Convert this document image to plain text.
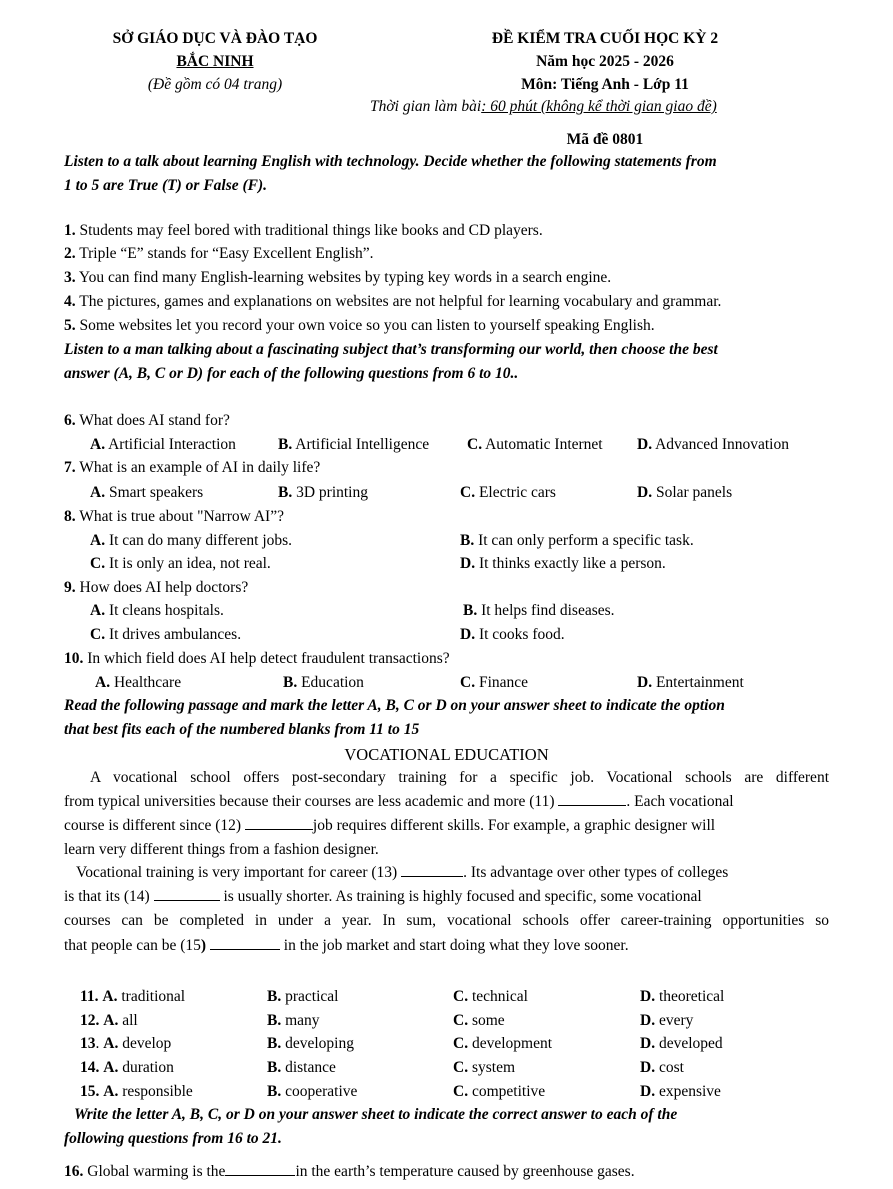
SỞ GIÁO DỤC VÀ ĐÀO TẠO
BẮC NINH
(Đề gồm có 04 trang)
ĐỀ KIỂM TRA CUỐI HỌC KỲ 2
Năm học 2025 - 2026
Môn: Tiếng Anh - Lớp 11
Thời gian làm bài: 60 phút (không kể thời gian giao đề)
Mã đề 0801
Listen to a talk about learning English with technology. Decide whether the following statements from
1 to 5 are True (T) or False (F).
1. Students may feel bored with traditional things like books and CD players.
2. Triple “E” stands for “Easy Excellent English”.
3. You can find many English-learning websites by typing key words in a search engine.
4. The pictures, games and explanations on websites are not helpful for learning vocabulary and grammar.
5. Some websites let you record your own voice so you can listen to yourself speaking English.
Listen to a man talking about a fascinating subject that’s transforming our world, then choose the best
answer (A, B, C or D) for each of the following questions from 6 to 10..
6. What does AI stand for?
A. Artificial Interaction	B. Artificial Intelligence C. Automatic Internet D. Advanced Innovation
7. What is an example of AI in daily life?
A. Smart speakers	B. 3D printing	C. Electric cars	D. Solar panels
8. What is true about "Narrow AI”?
A. It can do many different jobs.	B. It can only perform a specific task.
C. It is only an idea, not real.	D. It thinks exactly like a person.
9. How does AI help doctors?
A. It cleans hospitals.	B. It helps find diseases.
C. It drives ambulances.	D. It cooks food.
10. In which field does AI help detect fraudulent transactions?
A. Healthcare	B. Education	C. Finance	D. Entertainment
Read the following passage and mark the letter A, B, C or D on your answer sheet to indicate the option
that best fits each of the numbered blanks from 11 to 15
VOCATIONAL EDUCATION
A vocational school offers post-secondary training for a specific job. Vocational schools are different
from typical universities because their courses are less academic and more (11)	. Each vocational
course is different since (12)	job requires different skills. For example, a graphic designer will
learn very different things from a fashion designer.
Vocational training is very important for career (13)	. Its advantage over other types of colleges
is that its (14)	is usually shorter. As training is highly focused and specific, some vocational
courses can be completed in under a year. In sum, vocational schools offer career-training opportunities so
that people can be (15)	in the job market and start doing what they love sooner.
11. A. traditional	B. practical	C. technical	D. theoretical
12. A. all	B. many	C. some	D. every
13. A. develop	B. developing	C. development	D. developed
14. A. duration	B. distance	C. system	D. cost
15. A. responsible	B. cooperative	C. competitive	D. expensive
Write the letter A, B, C, or D on your answer sheet to indicate the correct answer to each of the
following questions from 16 to 21.
16. Global warming is the	in the earth’s temperature caused by greenhouse gases.
